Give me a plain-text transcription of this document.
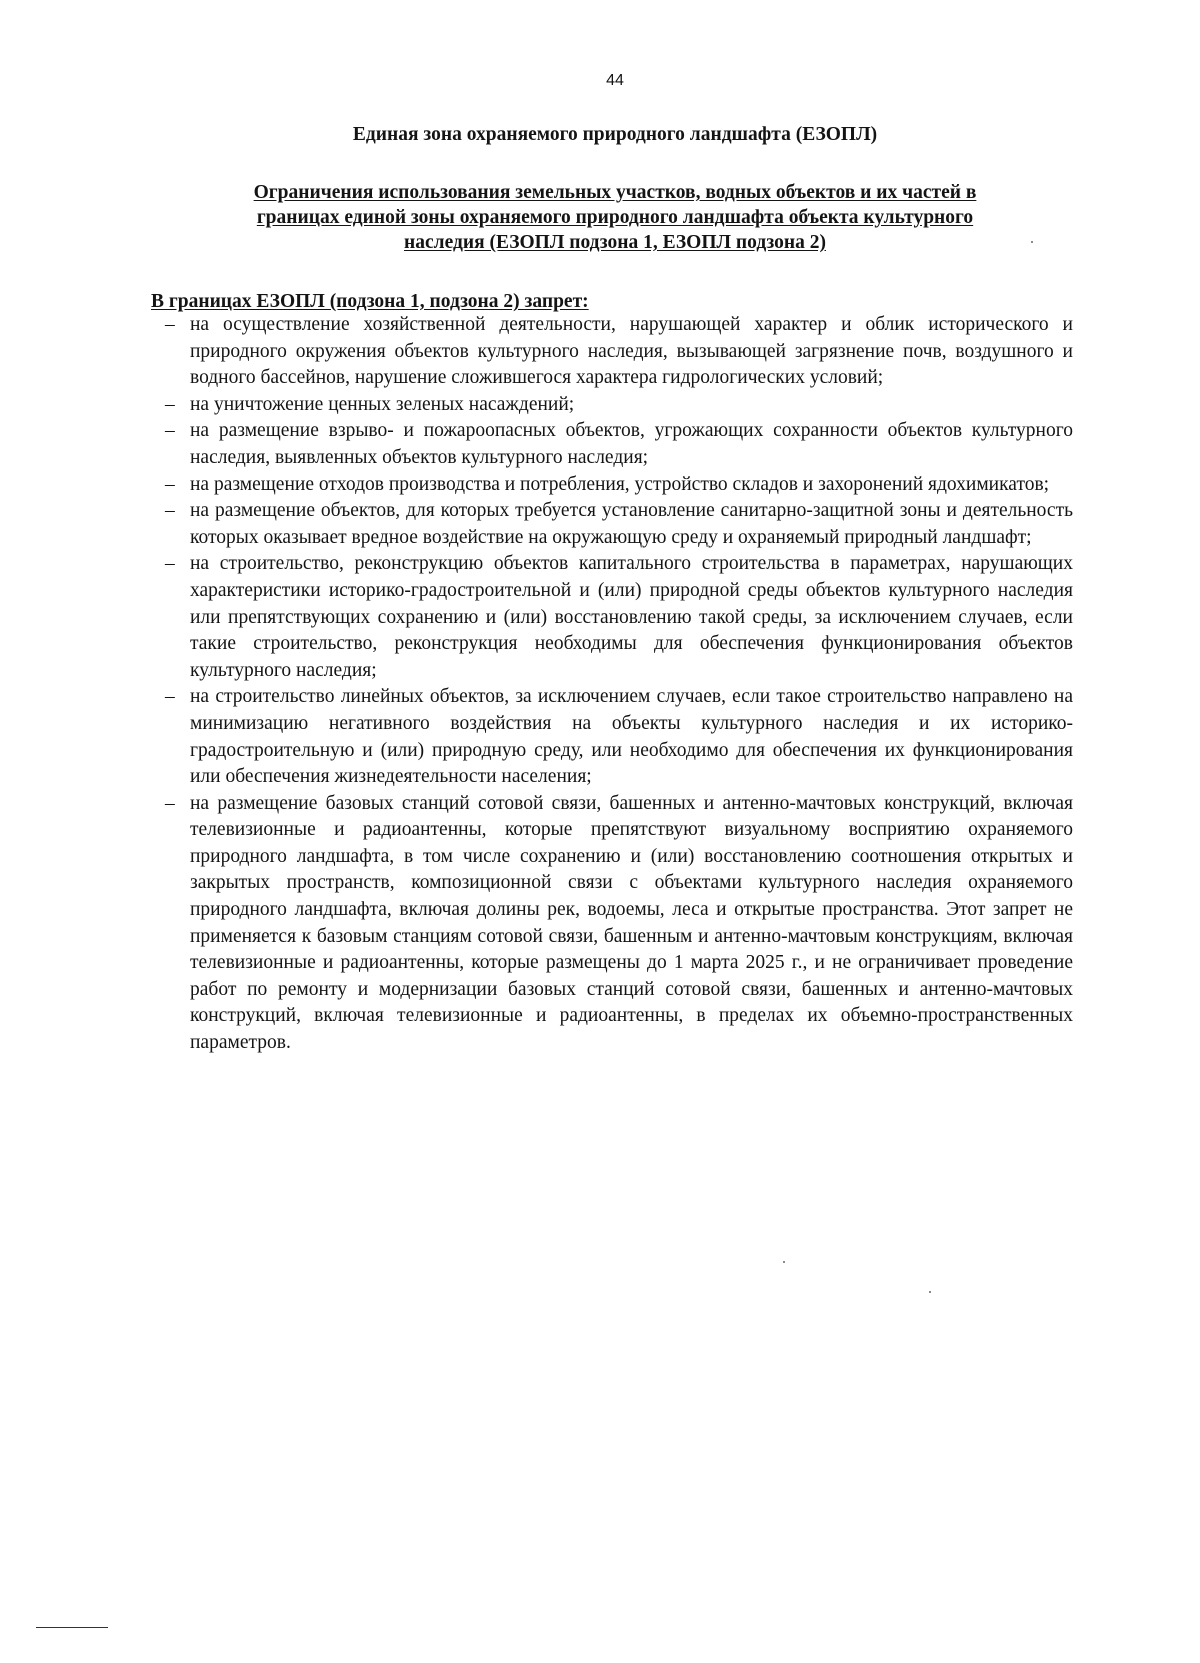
44
Единая зона охраняемого природного ландшафта (ЕЗОПЛ)
Ограничения использования земельных участков, водных объектов и их частей в
границах единой зоны охраняемого природного ландшафта объекта культурного
наследия (ЕЗОПЛ подзона 1, ЕЗОПЛ подзона 2)
В границах ЕЗОПЛ (подзона 1, подзона 2) запрет:
– на осуществление хозяйственной деятельности, нарушающей характер и облик исторического и природного окружения объектов культурного наследия, вызывающей загрязнение почв, воздушного и водного бассейнов, нарушение сложившегося характера гидрологических условий;
– на уничтожение ценных зеленых насаждений;
– на размещение взрыво- и пожароопасных объектов, угрожающих сохранности объектов культурного наследия, выявленных объектов культурного наследия;
– на размещение отходов производства и потребления, устройство складов и захоронений ядохимикатов;
– на размещение объектов, для которых требуется установление санитарно-защитной зоны и деятельность которых оказывает вредное воздействие на окружающую среду и охраняемый природный ландшафт;
– на строительство, реконструкцию объектов капитального строительства в параметрах, нарушающих характеристики историко-градостроительной и (или) природной среды объектов культурного наследия или препятствующих сохранению и (или) восстановлению такой среды, за исключением случаев, если такие строительство, реконструкция необходимы для обеспечения функционирования объектов культурного наследия;
– на строительство линейных объектов, за исключением случаев, если такое строительство направлено на минимизацию негативного воздействия на объекты культурного наследия и их историко-градостроительную и (или) природную среду, или необходимо для обеспечения их функционирования или обеспечения жизнедеятельности населения;
– на размещение базовых станций сотовой связи, башенных и антенно-мачтовых конструкций, включая телевизионные и радиоантенны, которые препятствуют визуальному восприятию охраняемого природного ландшафта, в том числе сохранению и (или) восстановлению соотношения открытых и закрытых пространств, композиционной связи с объектами культурного наследия охраняемого природного ландшафта, включая долины рек, водоемы, леса и открытые пространства. Этот запрет не применяется к базовым станциям сотовой связи, башенным и антенно-мачтовым конструкциям, включая телевизионные и радиоантенны, которые размещены до 1 марта 2025 г., и не ограничивает проведение работ по ремонту и модернизации базовых станций сотовой связи, башенных и антенно-мачтовых конструкций, включая телевизионные и радиоантенны, в пределах их объемно-пространственных параметров.
